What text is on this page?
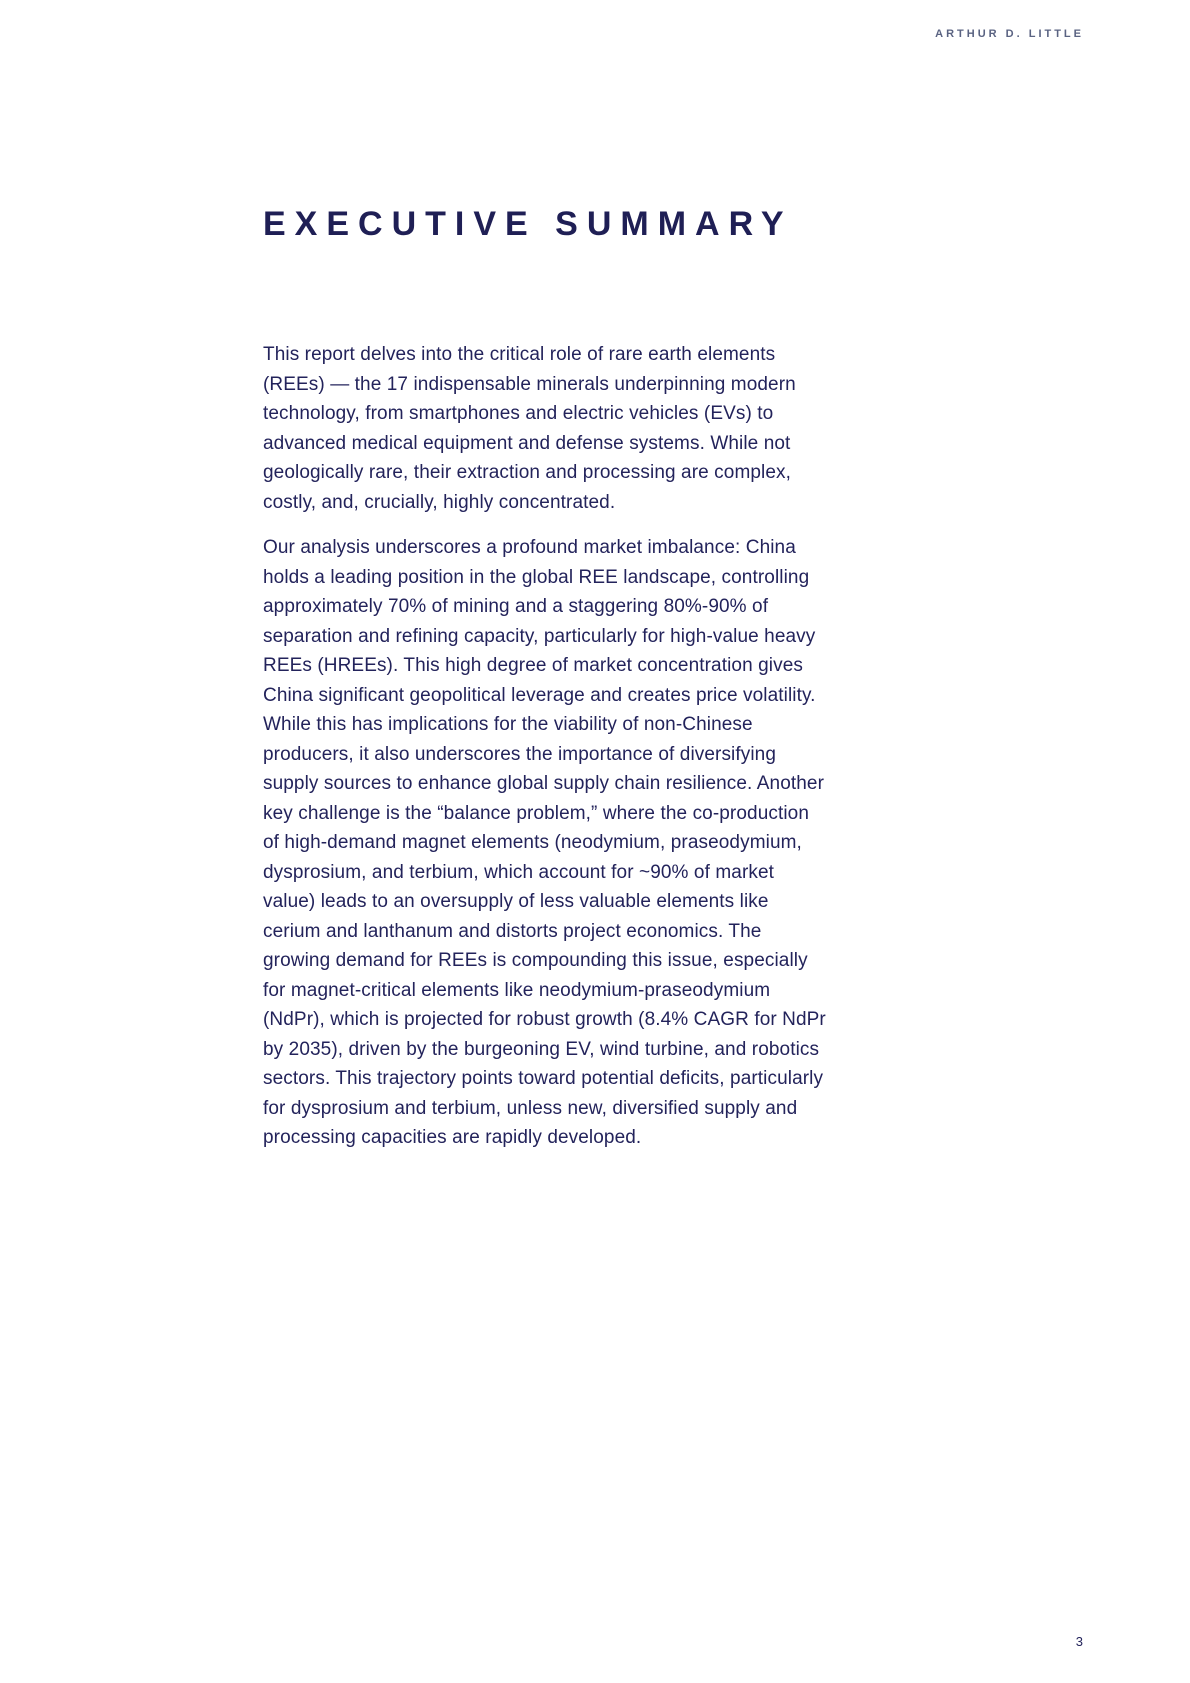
ARTHUR D. LITTLE
EXECUTIVE SUMMARY

This report delves into the critical role of rare earth elements (REEs) — the 17 indispensable minerals underpinning modern technology, from smartphones and electric vehicles (EVs) to advanced medical equipment and defense systems. While not geologically rare, their extraction and processing are complex, costly, and, crucially, highly concentrated.

Our analysis underscores a profound market imbalance: China holds a leading position in the global REE landscape, controlling approximately 70% of mining and a staggering 80%-90% of separation and refining capacity, particularly for high-value heavy REEs (HREEs). This high degree of market concentration gives China significant geopolitical leverage and creates price volatility. While this has implications for the viability of non-Chinese producers, it also underscores the importance of diversifying supply sources to enhance global supply chain resilience. Another key challenge is the “balance problem,” where the co-production of high-demand magnet elements (neodymium, praseodymium, dysprosium, and terbium, which account for ~90% of market value) leads to an oversupply of less valuable elements like cerium and lanthanum and distorts project economics. The growing demand for REEs is compounding this issue, especially for magnet-critical elements like neodymium-praseodymium (NdPr), which is projected for robust growth (8.4% CAGR for NdPr by 2035), driven by the burgeoning EV, wind turbine, and robotics sectors. This trajectory points toward potential deficits, particularly for dysprosium and terbium, unless new, diversified supply and processing capacities are rapidly developed.

3
